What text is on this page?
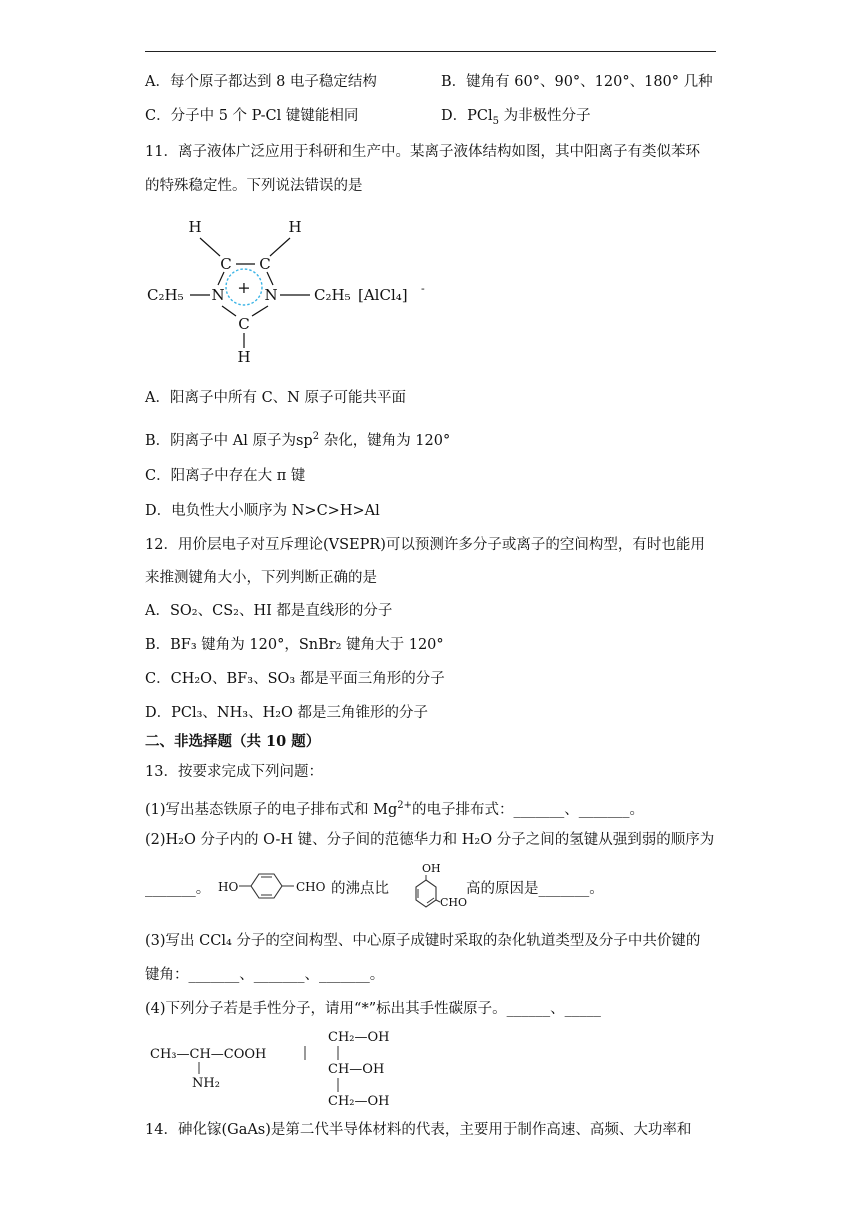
A．每个原子都达到 8 电子稳定结构	B．键角有 60°、90°、120°、180° 几种
C．分子中 5 个 P-Cl 键键能相同	D．PCl$_5$ 为非极性分子
11．离子液体广泛应用于科研和生产中。某离子液体结构如图，其中阳离子有类似苯环
的特殊稳定性。下列说法错误的是
H	H
C C
C₂H₅ N	N
+
C
H
C₂H₅ [AlCl₄] -
A．阳离子中所有 C、N 原子可能共平面
B．阴离子中 Al 原子为$sp^2$ 杂化，键角为 120°
C．阳离子中存在大 π 键
D．电负性大小顺序为 N>C>H>Al
12．用价层电子对互斥理论(VSEPR)可以预测许多分子或离子的空间构型，有时也能用
来推测键角大小，下列判断正确的是
A．SO₂、CS₂、HI 都是直线形的分子
B．BF₃ 键角为 120°，SnBr₂ 键角大于 120°
C．CH₂O、BF₃、SO₃ 都是平面三角形的分子
D．PCl₃、NH₃、H₂O 都是三角锥形的分子
二、非选择题（共 10 题）
13．按要求完成下列问题：
(1)写出基态铁原子的电子排布式和 $Mg^{2+}$的电子排布式：_______、_______。
(2)H₂O 分子内的 O-H 键、分子间的范德华力和 H₂O 分子之间的氢键从强到弱的顺序为
_______。 HO	CHO 的沸点比
OH
CHO
高的原因是_______。
(3)写出 CCl₄ 分子的空间构型、中心原子成键时采取的杂化轨道类型及分子中共价键的
键角：_______、_______、_______。
(4)下列分子若是手性分子，请用“*”标出其手性碳原子。______、_____
CH₃—CH—COOH
NH₂
CH₂—OH
CH—OH
CH₂—OH
14．砷化镓(GaAs)是第二代半导体材料的代表，主要用于制作高速、高频、大功率和
